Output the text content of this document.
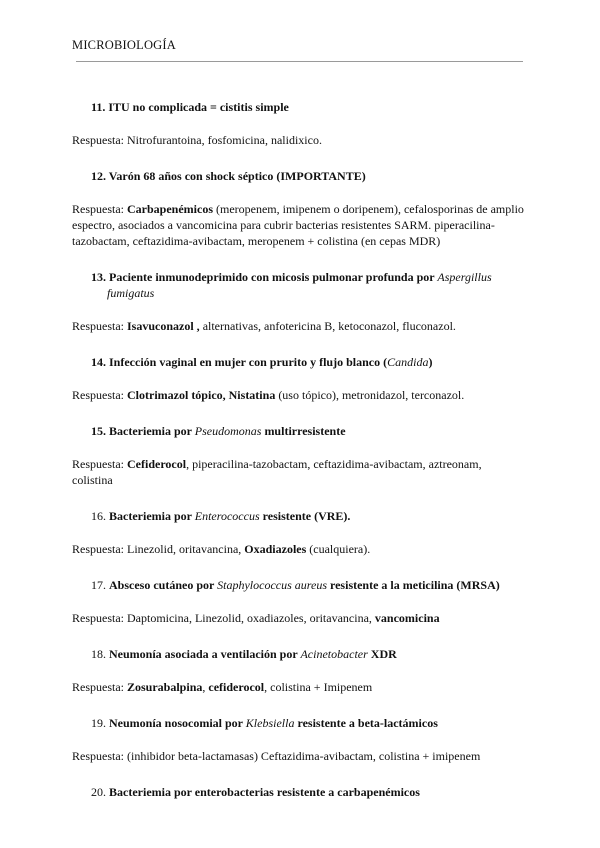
MICROBIOLOGÍA

11. ITU no complicada = cistitis simple

Respuesta: Nitrofurantoina, fosfomicina, nalidixico.

12. Varón 68 años con shock séptico (IMPORTANTE)

Respuesta: Carbapenémicos (meropenem, imipenem o doripenem), cefalosporinas de amplio espectro, asociados a vancomicina para cubrir bacterias resistentes SARM. piperacilina-tazobactam, ceftazidima-avibactam, meropenem + colistina (en cepas MDR)

13. Paciente inmunodeprimido con micosis pulmonar profunda por Aspergillus
fumigatus

Respuesta: Isavuconazol , alternativas, anfotericina B, ketoconazol, fluconazol.

14. Infección vaginal en mujer con prurito y flujo blanco (Candida)

Respuesta: Clotrimazol tópico, Nistatina (uso tópico), metronidazol, terconazol.

15. Bacteriemia por Pseudomonas multirresistente

Respuesta: Cefiderocol, piperacilina-tazobactam, ceftazidima-avibactam, aztreonam, colistina

16. Bacteriemia por Enterococcus resistente (VRE).

Respuesta: Linezolid, oritavancina, Oxadiazoles (cualquiera).

17. Absceso cutáneo por Staphylococcus aureus resistente a la meticilina (MRSA)

Respuesta: Daptomicina, Linezolid, oxadiazoles, oritavancina, vancomicina

18. Neumonía asociada a ventilación por Acinetobacter XDR

Respuesta: Zosurabalpina, cefiderocol, colistina + Imipenem

19. Neumonía nosocomial por Klebsiella resistente a beta-lactámicos

Respuesta: (inhibidor beta-lactamasas) Ceftazidima-avibactam, colistina + imipenem

20. Bacteriemia por enterobacterias resistente a carbapenémicos
